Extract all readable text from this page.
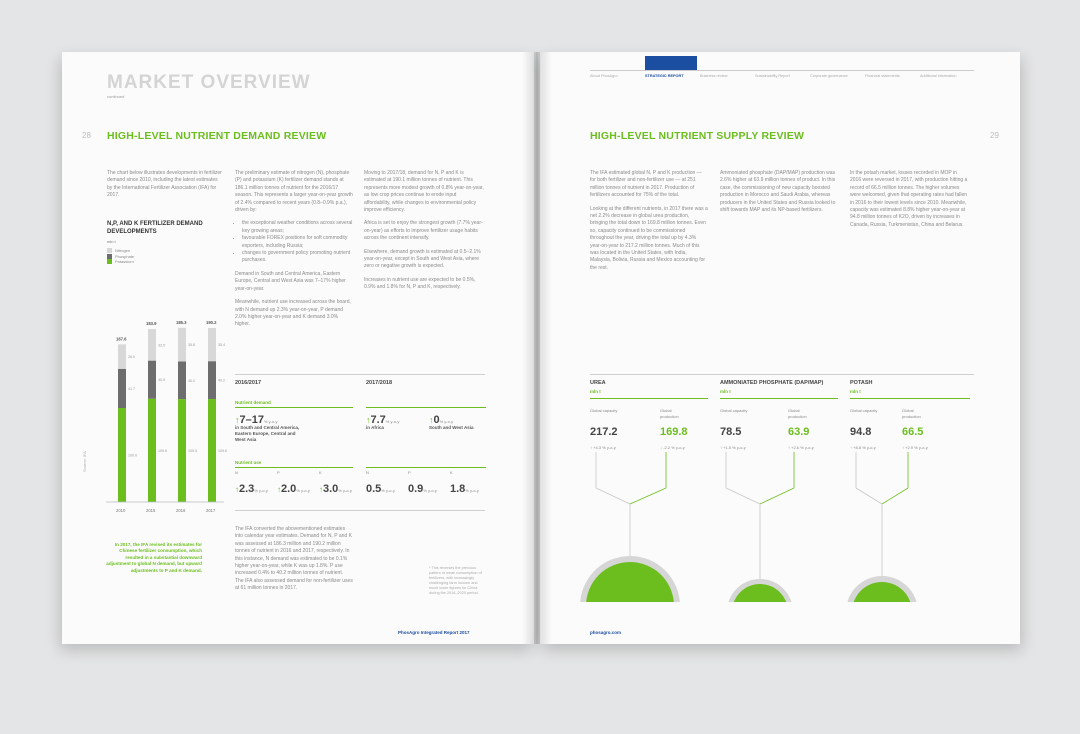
MARKET OVERVIEW
continued
28 HIGH-LEVEL NUTRIENT DEMAND REVIEW
The chart below illustrates developments in fertilizer demand since 2010, including the latest estimates by the International Fertilizer Association (IFA) for 2017.
N,P, AND K FERTILIZER DEMAND DEVELOPMENTS
mln t
Nitrogen
Phosphate
Potassium
Source: IFA	100.0
41.7
26.0
167.6
2010
109.9
40.5
33.5
183.9
2015
109.5
40.0
35.8
185.3
2016
109.6
40.2
35.4
190.2
2017
In 2017, the IFA revised its estimates for Chinese fertilizer consumption, which resulted in a substantial downward adjustment to global N demand, but upward adjustments to P and K demand.

The preliminary estimate of nitrogen (N), phosphate (P) and potassium (K) fertilizer demand stands at 186.1 million tonnes of nutrient for the 2016/17 season. This represents a larger year-on-year growth of 2.4% compared to recent years (0.8–0.9% p.a.), driven by:

• the exceptional weather conditions across several key growing areas;
• favourable FOREX positions for soft commodity exporters, including Russia;
• changes to government policy promoting nutrient purchases.

Demand in South and Central America, Eastern Europe, Central and West Asia was 7–17% higher year-on-year.

Meanwhile, nutrient use increased across the board, with N demand up 2.3% year-on-year, P demand 2.0% higher year-on-year and K demand 3.0% higher.

Moving to 2017/18, demand for N, P and K is estimated at 190.1 million tonnes of nutrient. This represents more modest growth of 0.8% year-on-year, as low crop prices continue to erode input affordability, while changes to environmental policy improve efficiency.

Africa is set to enjoy the strongest growth (7.7% year-on-year) as efforts to improve fertilizer usage habits across the continent intensify.

Elsewhere, demand growth is estimated at 0.5–2.1% year-on-year, except in South and West Asia, where zero or negative growth is expected.

Increases in nutrient use are expected to be 0.5%, 0.9% and 1.8% for N, P and K, respectively.

2016/2017	2017/2018
Nutrient demand
↑7–17% y-o-y
in South and Central America, Eastern Europe, Central and West Asia
↑7.7% y-o-y
in Africa
↑0% y-o-y
South and West Asia
Nutrient use
N	P	K	N	P	K
↑2.3% y-o-y ↑2.0% y-o-y ↑3.0% y-o-y 0.5% y-o-y 0.9% y-o-y 1.8% y-o-y
The IFA converted the abovementioned estimates into calendar year estimates. Demand for N, P and K was assessed at 186.3 million and 190.2 million tonnes of nutrient in 2016 and 2017, respectively. In this instance, N demand was estimated to be 0.1% higher year-on-year, while K was up 1.8%. P use increased 0.4% to 40.2 million tonnes of nutrient. The IFA also assessed demand for non-fertilizer uses at 61 million tonnes in 2017.
* This reverses the previous pattern of weak consumption of fertilizers, with increasingly challenging farm income and much lower figures for China during the 2016–2020 period.
PhosAgro Integrated Report 2017
About PhosAgro	STRATEGIC REPORT	Business review	Sustainability Report	Corporate governance	Financial statements	Additional information
HIGH-LEVEL NUTRIENT SUPPLY REVIEW	29

The IFA estimated global N, P and K production — for both fertilizer and non-fertilizer use — at 251 million tonnes of nutrient in 2017. Production of fertilizers accounted for 75% of the total.

Looking at the different nutrients, in 2017 there was a net 2.2% decrease in global urea production, bringing the total down to 169.8 million tonnes. Even so, capacity continued to be commissioned throughout the year, driving the total up by 4.3% year-on-year to 217.2 million tonnes. Much of this was located in the United States, with India, Malaysia, Bolivia, Russia and Mexico accounting for the rest.

Ammoniated phosphate (DAP/MAP) production was 2.6% higher at 63.9 million tonnes of product. In this case, the commissioning of new capacity boosted production in Morocco and Saudi Arabia, whereas producers in the United States and Russia looked to shift towards MAP and its NP-based fertilizers.

In the potash market, losses recorded in MOP in 2016 were reversed in 2017, with production hitting a record of 66.5 million tonnes. The higher volumes were welcomed, given that operating rates had fallen in 2016 to their lowest levels since 2010. Meanwhile, capacity was estimated 8.8% higher year-on-year at 94.8 million tonnes of K2O, driven by increases in Canada, Russia, Turkmenistan, China and Belarus.

UREA
mln t
AMMONIATED PHOSPHATE (DAP/MAP)
mln t
POTASH
mln t
Global capacity	Global production
217.2	169.8
↑ +4.3 % y-o-y	↓ -2.2 % y-o-y
Global capacity	Global production
78.5	63.9
↑ +1.5 % y-o-y	↑ +2.6 % y-o-y
Global capacity	Global production
94.8	66.5
↑ +8.8 % y-o-y	↑ +2.9 % y-o-y
phosagro.com
